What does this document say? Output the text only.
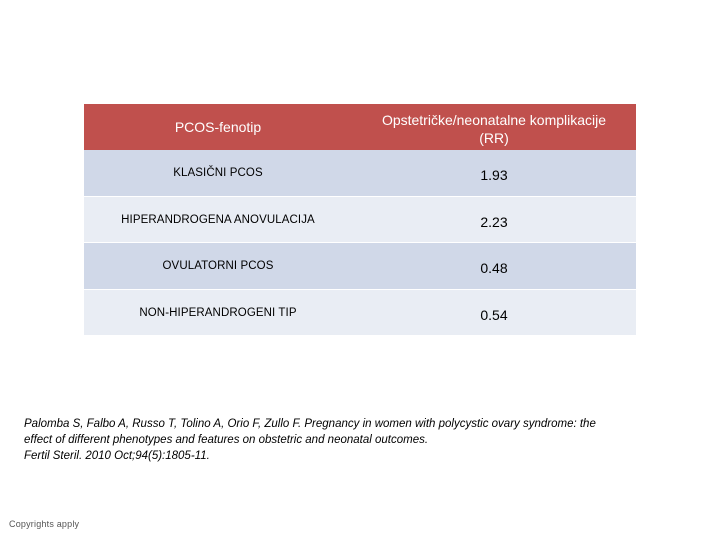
PCOS-fenotip	Opstetričke/neonatalne komplikacije
(RR)
KLASIČNI PCOS	1.93
HIPERANDROGENA ANOVULACIJA	2.23
OVULATORNI PCOS	0.48
NON-HIPERANDROGENI TIP	0.54
Palomba S, Falbo A, Russo T, Tolino A, Orio F, Zullo F. Pregnancy in women with polycystic ovary syndrome: the
effect of different phenotypes and features on obstetric and neonatal outcomes.
Fertil Steril. 2010 Oct;94(5):1805-11.
Copyrights apply
